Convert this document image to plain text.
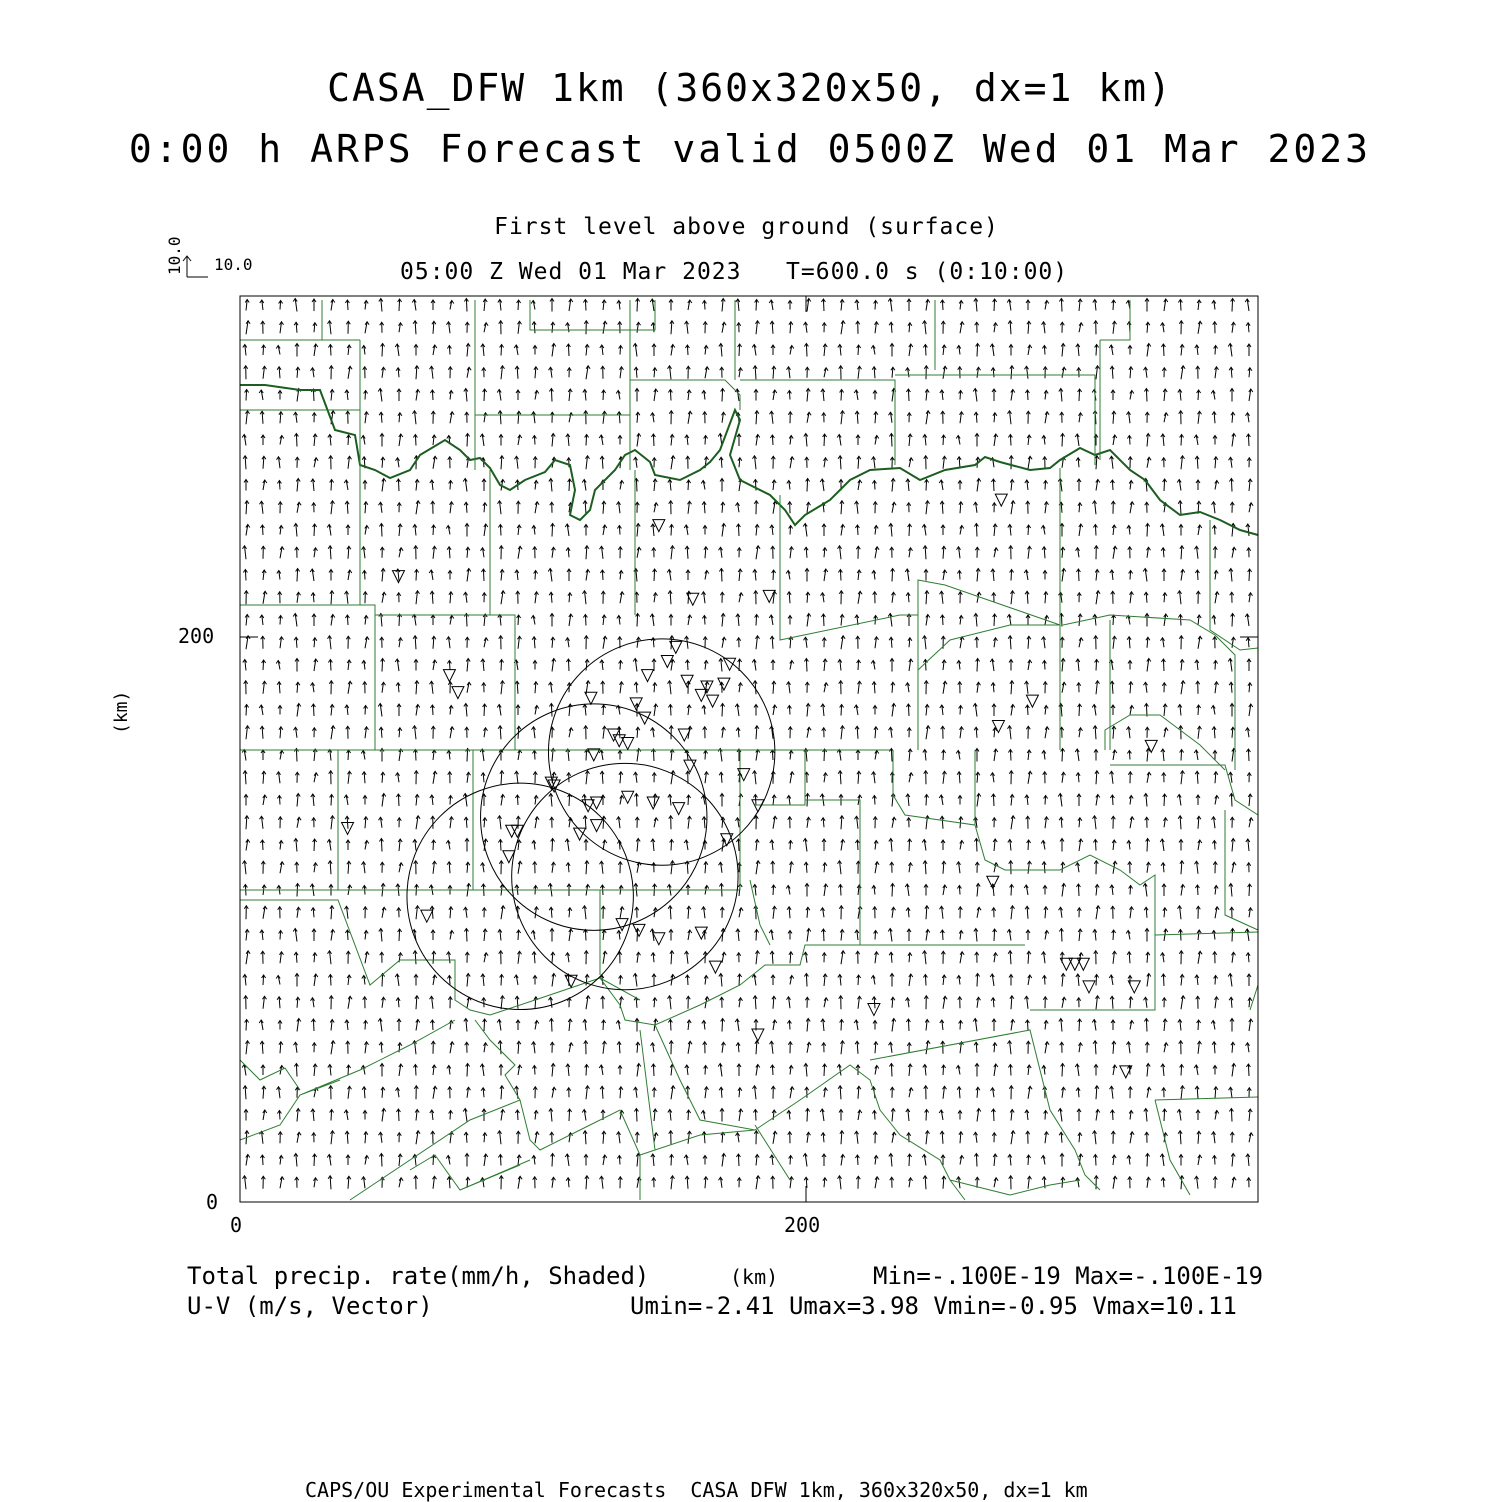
CASA_DFW 1km (360x320x50, dx=1 km)
0:00 h ARPS Forecast valid 0500Z Wed 01 Mar 2023
First level above ground (surface)
05:00 Z Wed 01 Mar 2023   T=600.0 s (0:10:00)
10.0
10.0
200
0
0	200
(km)
Total precip. rate(mm/h, Shaded)	(km)	Min=-.100E-19 Max=-.100E-19
U-V (m/s, Vector)	Umin=-2.41 Umax=3.98 Vmin=-0.95 Vmax=10.11
CAPS/OU Experimental Forecasts  CASA DFW 1km, 360x320x50, dx=1 km
